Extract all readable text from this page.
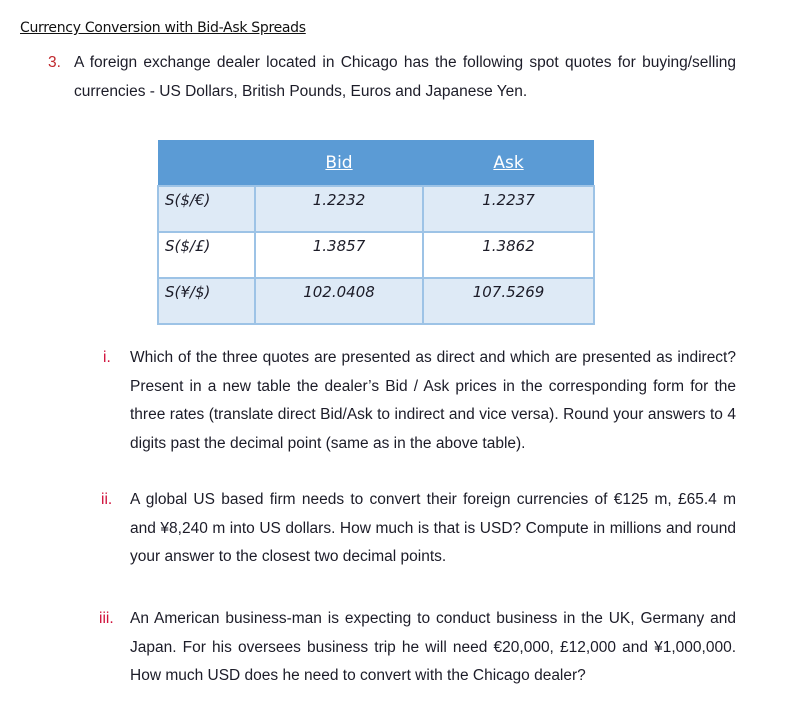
Currency Conversion with Bid-Ask Spreads
3. A foreign exchange dealer located in Chicago has the following spot quotes for buying/selling currencies - US Dollars, British Pounds, Euros and Japanese Yen.
	Bid	Ask
S($/€)	1.2232	1.2237
S($/£)	1.3857	1.3862
S(¥/$)	102.0408	107.5269
i. Which of the three quotes are presented as direct and which are presented as indirect? Present in a new table the dealer’s Bid / Ask prices in the corresponding form for the three rates (translate direct Bid/Ask to indirect and vice versa). Round your answers to 4 digits past the decimal point (same as in the above table).
ii. A global US based firm needs to convert their foreign currencies of €125 m, £65.4 m and ¥8,240 m into US dollars. How much is that is USD? Compute in millions and round your answer to the closest two decimal points.
iii. An American business-man is expecting to conduct business in the UK, Germany and Japan. For his oversees business trip he will need €20,000, £12,000 and ¥1,000,000. How much USD does he need to convert with the Chicago dealer?
